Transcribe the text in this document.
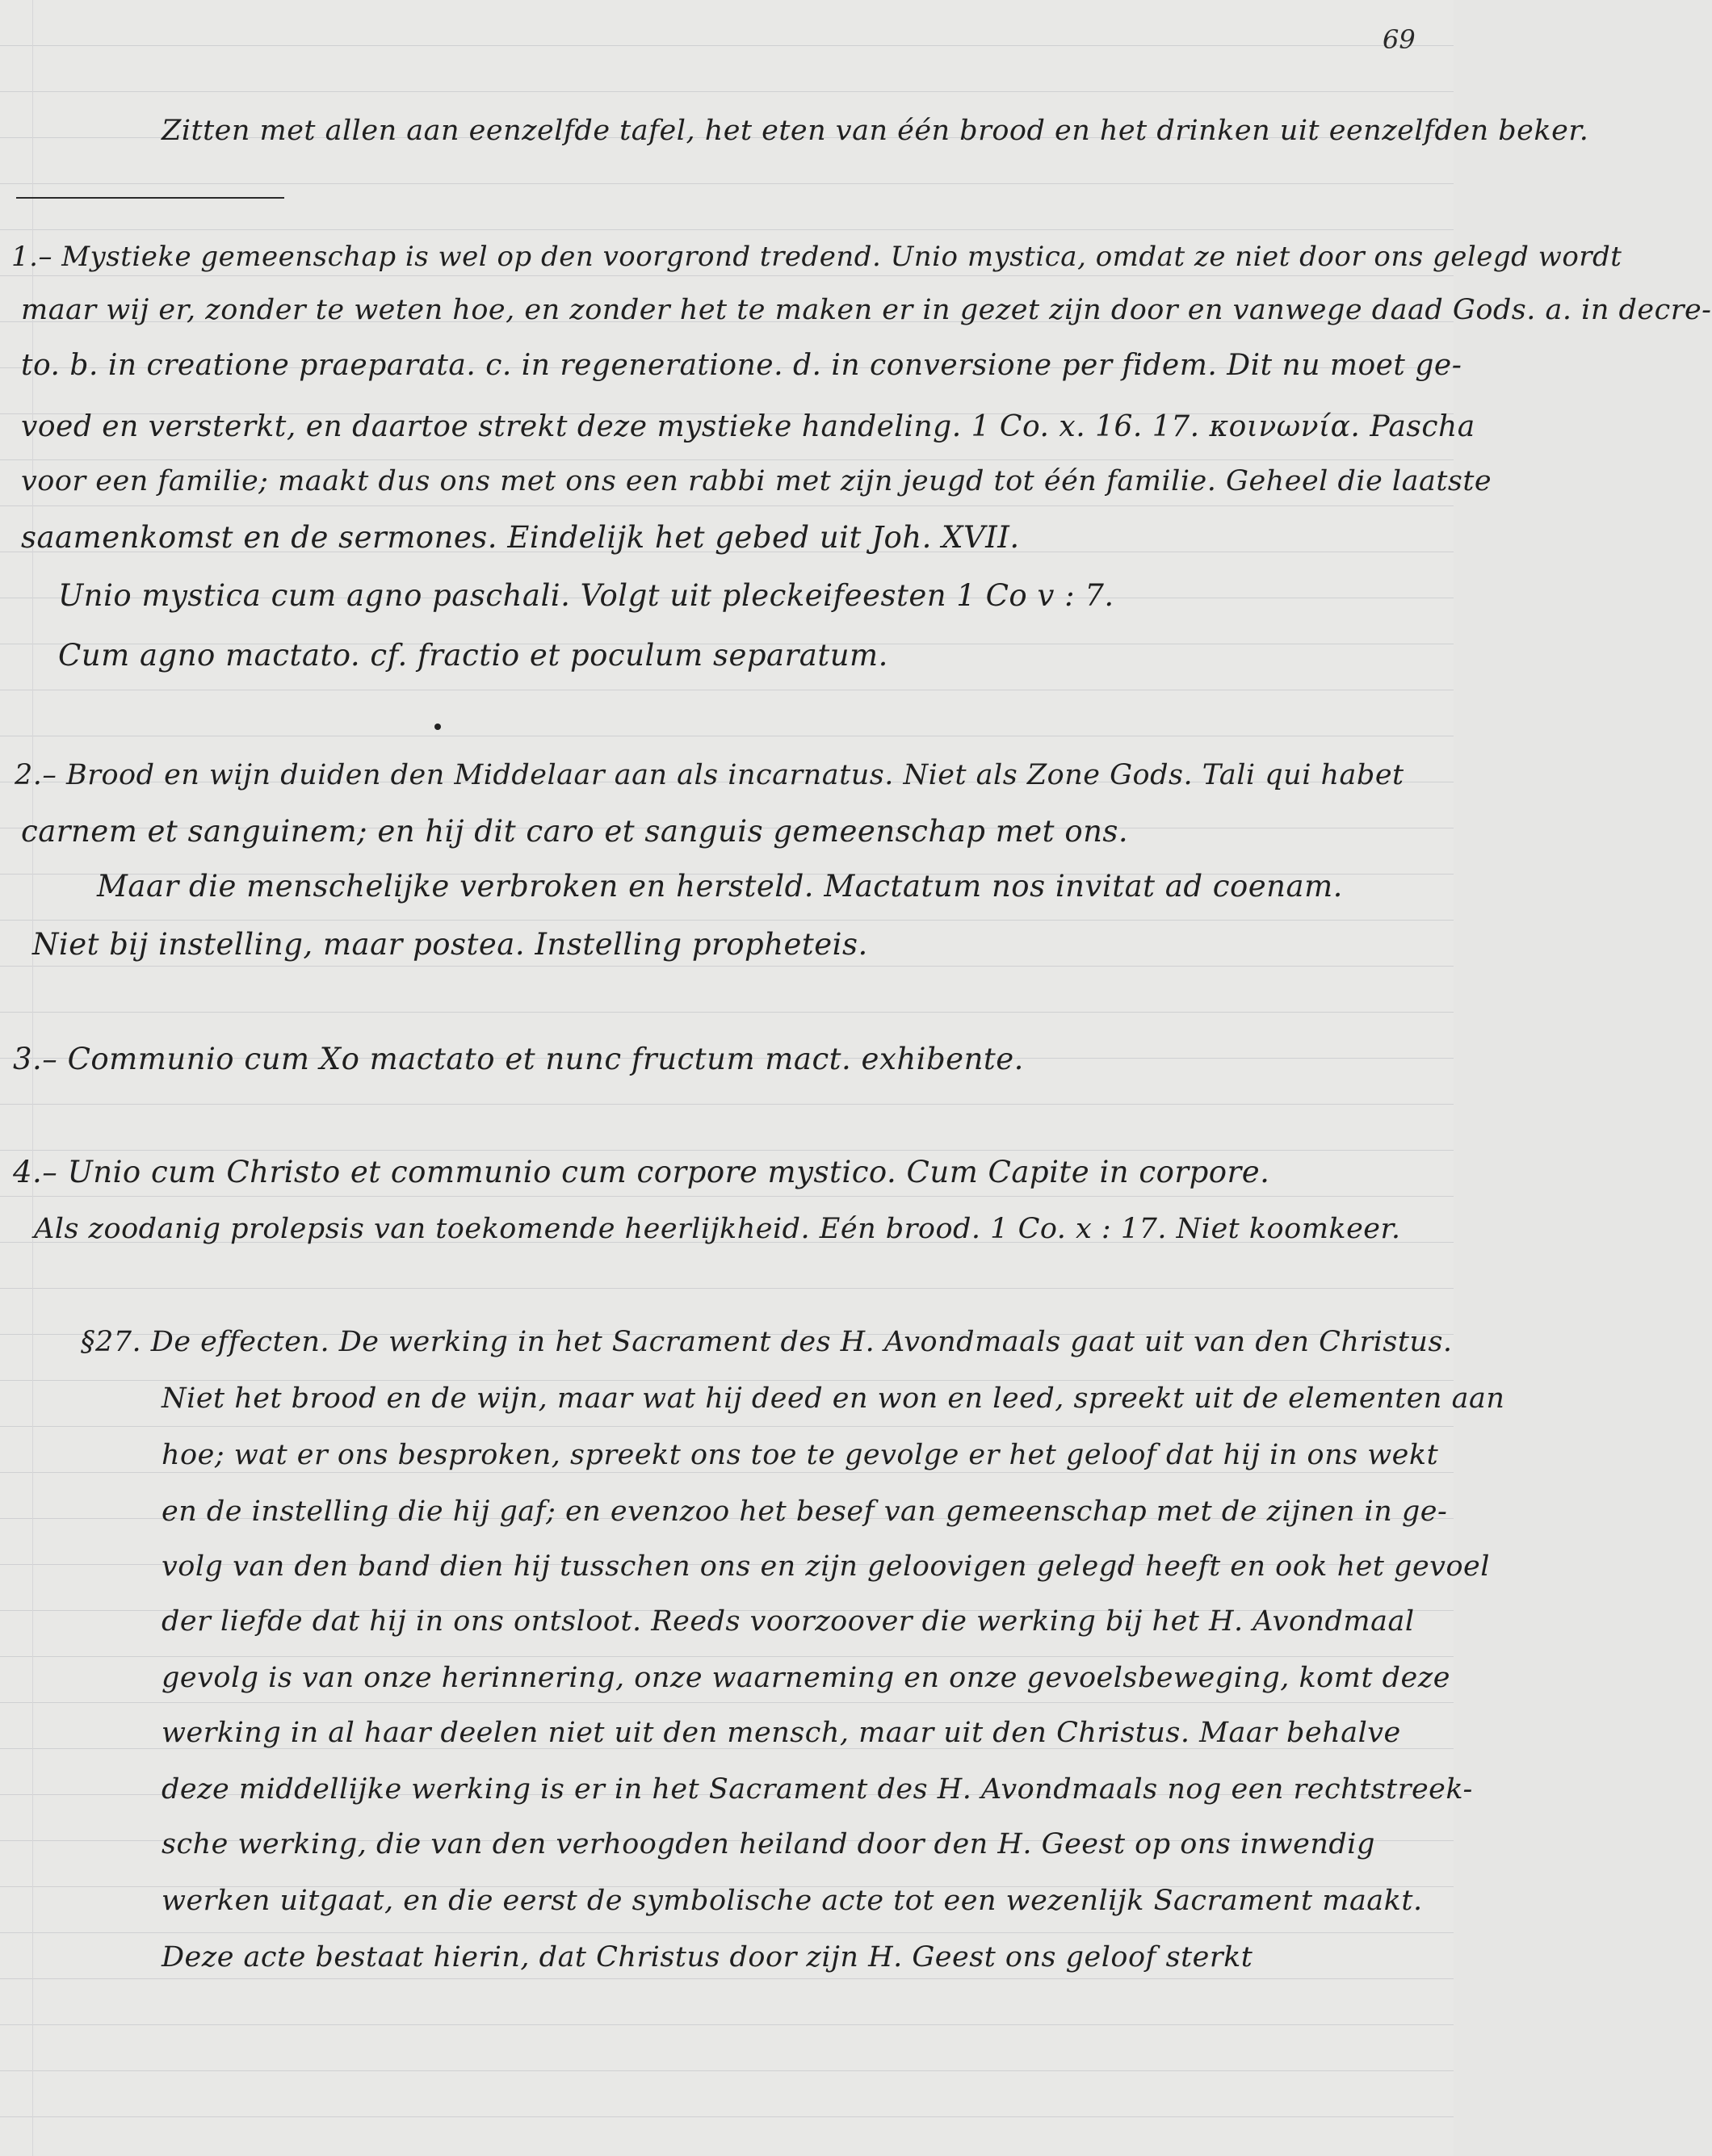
69
Zitten met allen aan eenzelfde tafel, het eten van één brood en het drinken uit eenzelfden beker.
1.– Mystieke gemeenschap is wel op den voorgrond tredend. Unio mystica, omdat ze niet door ons gelegd wordt
maar wij er, zonder te weten hoe, en zonder het te maken er in gezet zijn door en vanwege daad Gods. a. in decre-
to. b. in creatione praeparata. c. in regeneratione. d. in conversione per fidem. Dit nu moet ge-
voed en versterkt, en daartoe strekt deze mystieke handeling. 1 Co. x. 16. 17. κοινωνία. Pascha
voor een familie; maakt dus ons met ons een rabbi met zijn jeugd tot één familie. Geheel die laatste
saamenkomst en de sermones. Eindelijk het gebed uit Joh. XVII.
Unio mystica cum agno paschali. Volgt uit pleckeifeesten 1 Co v : 7.
Cum agno mactato. cf. fractio et poculum separatum.
2.– Brood en wijn duiden den Middelaar aan als incarnatus. Niet als Zone Gods. Tali qui habet
carnem et sanguinem; en hij dit caro et sanguis gemeenschap met ons.
Maar die menschelijke verbroken en hersteld. Mactatum nos invitat ad coenam.
Niet bij instelling, maar postea. Instelling propheteis.
3.– Communio cum Xo mactato et nunc fructum mact. exhibente.
4.– Unio cum Christo et communio cum corpore mystico. Cum Capite in corpore.
Als zoodanig prolepsis van toekomende heerlijkheid. Eén brood. 1 Co. x : 17. Niet koomkeer.
§27. De effecten. De werking in het Sacrament des H. Avondmaals gaat uit van den Christus.
Niet het brood en de wijn, maar wat hij deed en won en leed, spreekt uit de elementen aan
hoe; wat er ons besproken, spreekt ons toe te gevolge er het geloof dat hij in ons wekt
en de instelling die hij gaf; en evenzoo het besef van gemeenschap met de zijnen in ge-
volg van den band dien hij tusschen ons en zijn geloovigen gelegd heeft en ook het gevoel
der liefde dat hij in ons ontsloot. Reeds voorzoover die werking bij het H. Avondmaal
gevolg is van onze herinnering, onze waarneming en onze gevoelsbeweging, komt deze
werking in al haar deelen niet uit den mensch, maar uit den Christus. Maar behalve
deze middellijke werking is er in het Sacrament des H. Avondmaals nog een rechtstreek-
sche werking, die van den verhoogden heiland door den H. Geest op ons inwendig
werken uitgaat, en die eerst de symbolische acte tot een wezenlijk Sacrament maakt.
Deze acte bestaat hierin, dat Christus door zijn H. Geest ons geloof sterkt
